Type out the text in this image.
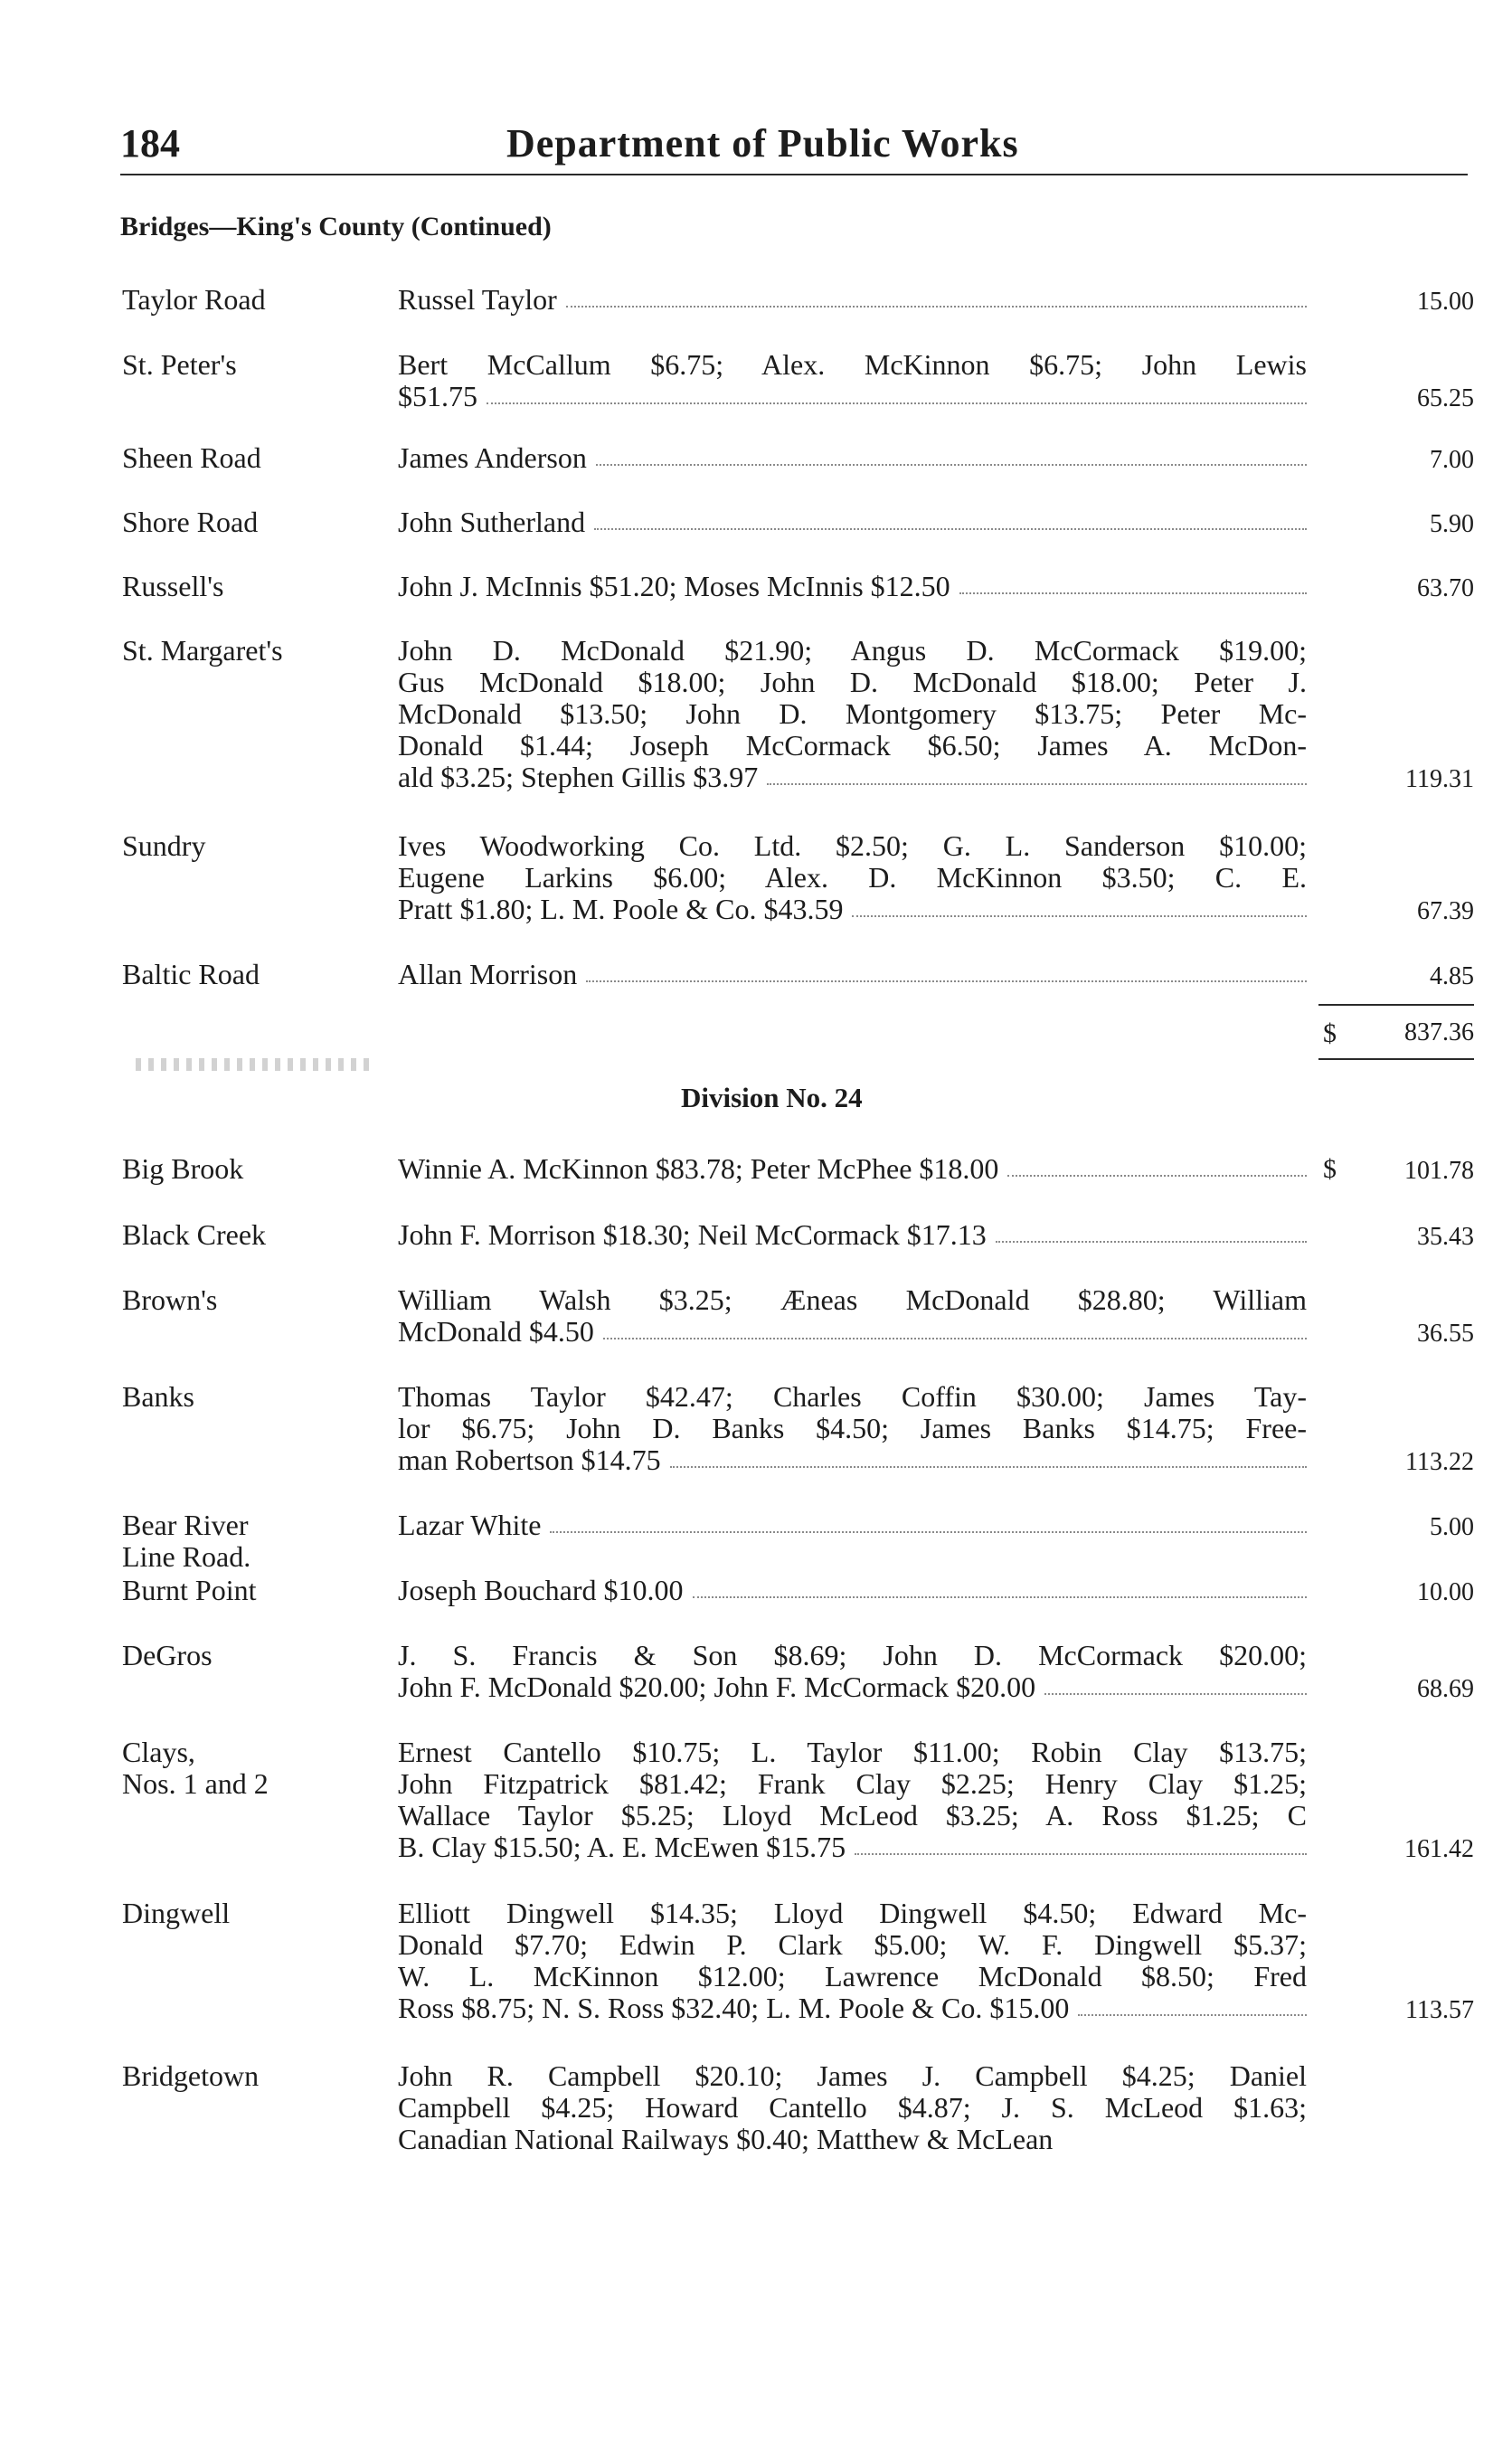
184	Department of Public Works
Bridges—King's County (Continued)
Taylor Road	Russel Taylor	15.00
St. Peter's	Bert McCallum $6.75; Alex. McKinnon $6.75; John Lewis
$51.75	65.25
Sheen Road	James Anderson	7.00
Shore Road	John Sutherland	5.90
Russell's	John J. McInnis $51.20; Moses McInnis $12.50	63.70
St. Margaret's	John D. McDonald $21.90; Angus D. McCormack $19.00;
Gus McDonald $18.00; John D. McDonald $18.00; Peter J.
McDonald $13.50; John D. Montgomery $13.75; Peter Mc-
Donald $1.44; Joseph McCormack $6.50; James A. McDon-
ald $3.25; Stephen Gillis $3.97	119.31
Sundry	Ives Woodworking Co. Ltd. $2.50; G. L. Sanderson $10.00;
Eugene Larkins $6.00; Alex. D. McKinnon $3.50; C. E.
Pratt $1.80; L. M. Poole & Co. $43.59	67.39
Baltic Road	Allan Morrison	4.85
$	837.36
Division No. 24
Big Brook	Winnie A. McKinnon $83.78; Peter McPhee $18.00	101.78
$
Black Creek	John F. Morrison $18.30; Neil McCormack $17.13	35.43
Brown's	William Walsh $3.25; Æneas McDonald $28.80; William
McDonald $4.50	36.55
Banks	Thomas Taylor $42.47; Charles Coffin $30.00; James Tay-
lor $6.75; John D. Banks $4.50; James Banks $14.75; Free-
man Robertson $14.75	113.22
Bear River
Line Road.
Lazar White	5.00
Burnt Point	Joseph Bouchard $10.00	10.00
DeGros	J. S. Francis & Son $8.69; John D. McCormack $20.00;
John F. McDonald $20.00; John F. McCormack $20.00	68.69
Clays,
Nos. 1 and 2
Ernest Cantello $10.75; L. Taylor $11.00; Robin Clay $13.75;
John Fitzpatrick $81.42; Frank Clay $2.25; Henry Clay $1.25;
Wallace Taylor $5.25; Lloyd McLeod $3.25; A. Ross $1.25; C
B. Clay $15.50; A. E. McEwen $15.75	161.42
Dingwell	Elliott Dingwell $14.35; Lloyd Dingwell $4.50; Edward Mc-
Donald $7.70; Edwin P. Clark $5.00; W. F. Dingwell $5.37;
W. L. McKinnon $12.00; Lawrence McDonald $8.50; Fred
Ross $8.75; N. S. Ross $32.40; L. M. Poole & Co. $15.00	113.57
Bridgetown	John R. Campbell $20.10; James J. Campbell $4.25; Daniel
Campbell $4.25; Howard Cantello $4.87; J. S. McLeod $1.63;
Canadian National Railways $0.40; Matthew & McLean
